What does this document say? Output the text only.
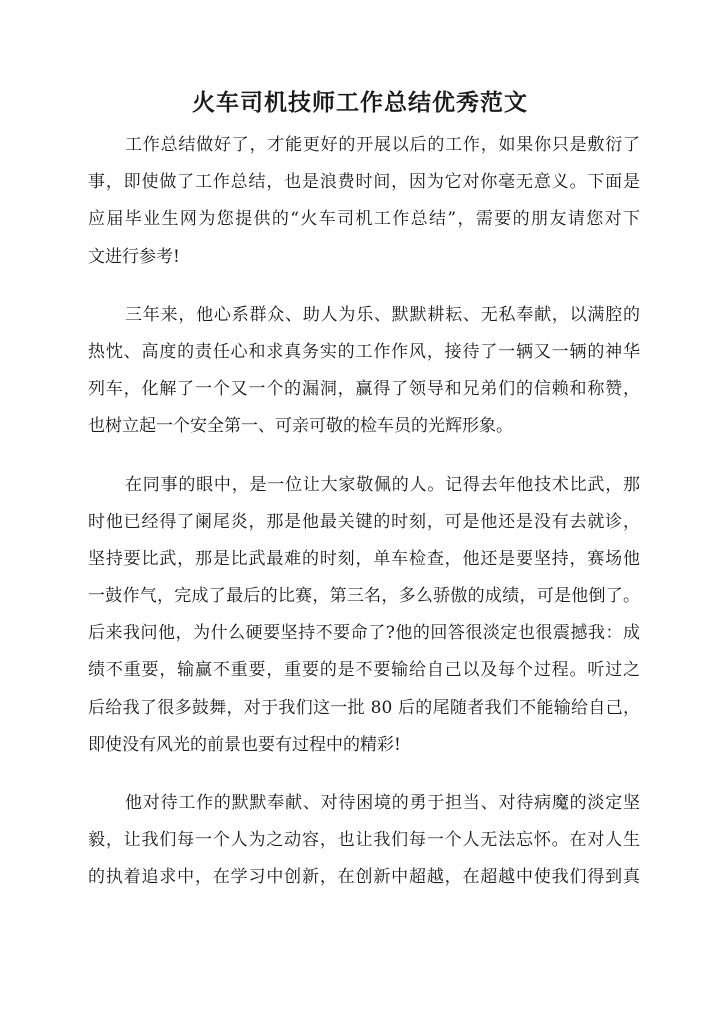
火车司机技师工作总结优秀范文

工作总结做好了，才能更好的开展以后的工作，如果你只是敷衍了
事，即使做了工作总结，也是浪费时间，因为它对你毫无意义。下面是
应届毕业生网为您提供的“火车司机工作总结”，需要的朋友请您对下
文进行参考!

三年来，他心系群众、助人为乐、默默耕耘、无私奉献，以满腔的
热忱、高度的责任心和求真务实的工作作风，接待了一辆又一辆的神华
列车，化解了一个又一个的漏洞，赢得了领导和兄弟们的信赖和称赞，
也树立起一个安全第一、可亲可敬的检车员的光辉形象。

在同事的眼中，是一位让大家敬佩的人。记得去年他技术比武，那
时他已经得了阑尾炎，那是他最关键的时刻，可是他还是没有去就诊，
坚持要比武，那是比武最难的时刻，单车检查，他还是要坚持，赛场他
一鼓作气，完成了最后的比赛，第三名，多么骄傲的成绩，可是他倒了。
后来我问他，为什么硬要坚持不要命了?他的回答很淡定也很震撼我：成
绩不重要，输赢不重要，重要的是不要输给自己以及每个过程。听过之
后给我了很多鼓舞，对于我们这一批 80 后的尾随者我们不能输给自己，
即使没有风光的前景也要有过程中的精彩!

他对待工作的默默奉献、对待困境的勇于担当、对待病魔的淡定坚
毅，让我们每一个人为之动容，也让我们每一个人无法忘怀。在对人生
的执着追求中，在学习中创新，在创新中超越，在超越中使我们得到真
